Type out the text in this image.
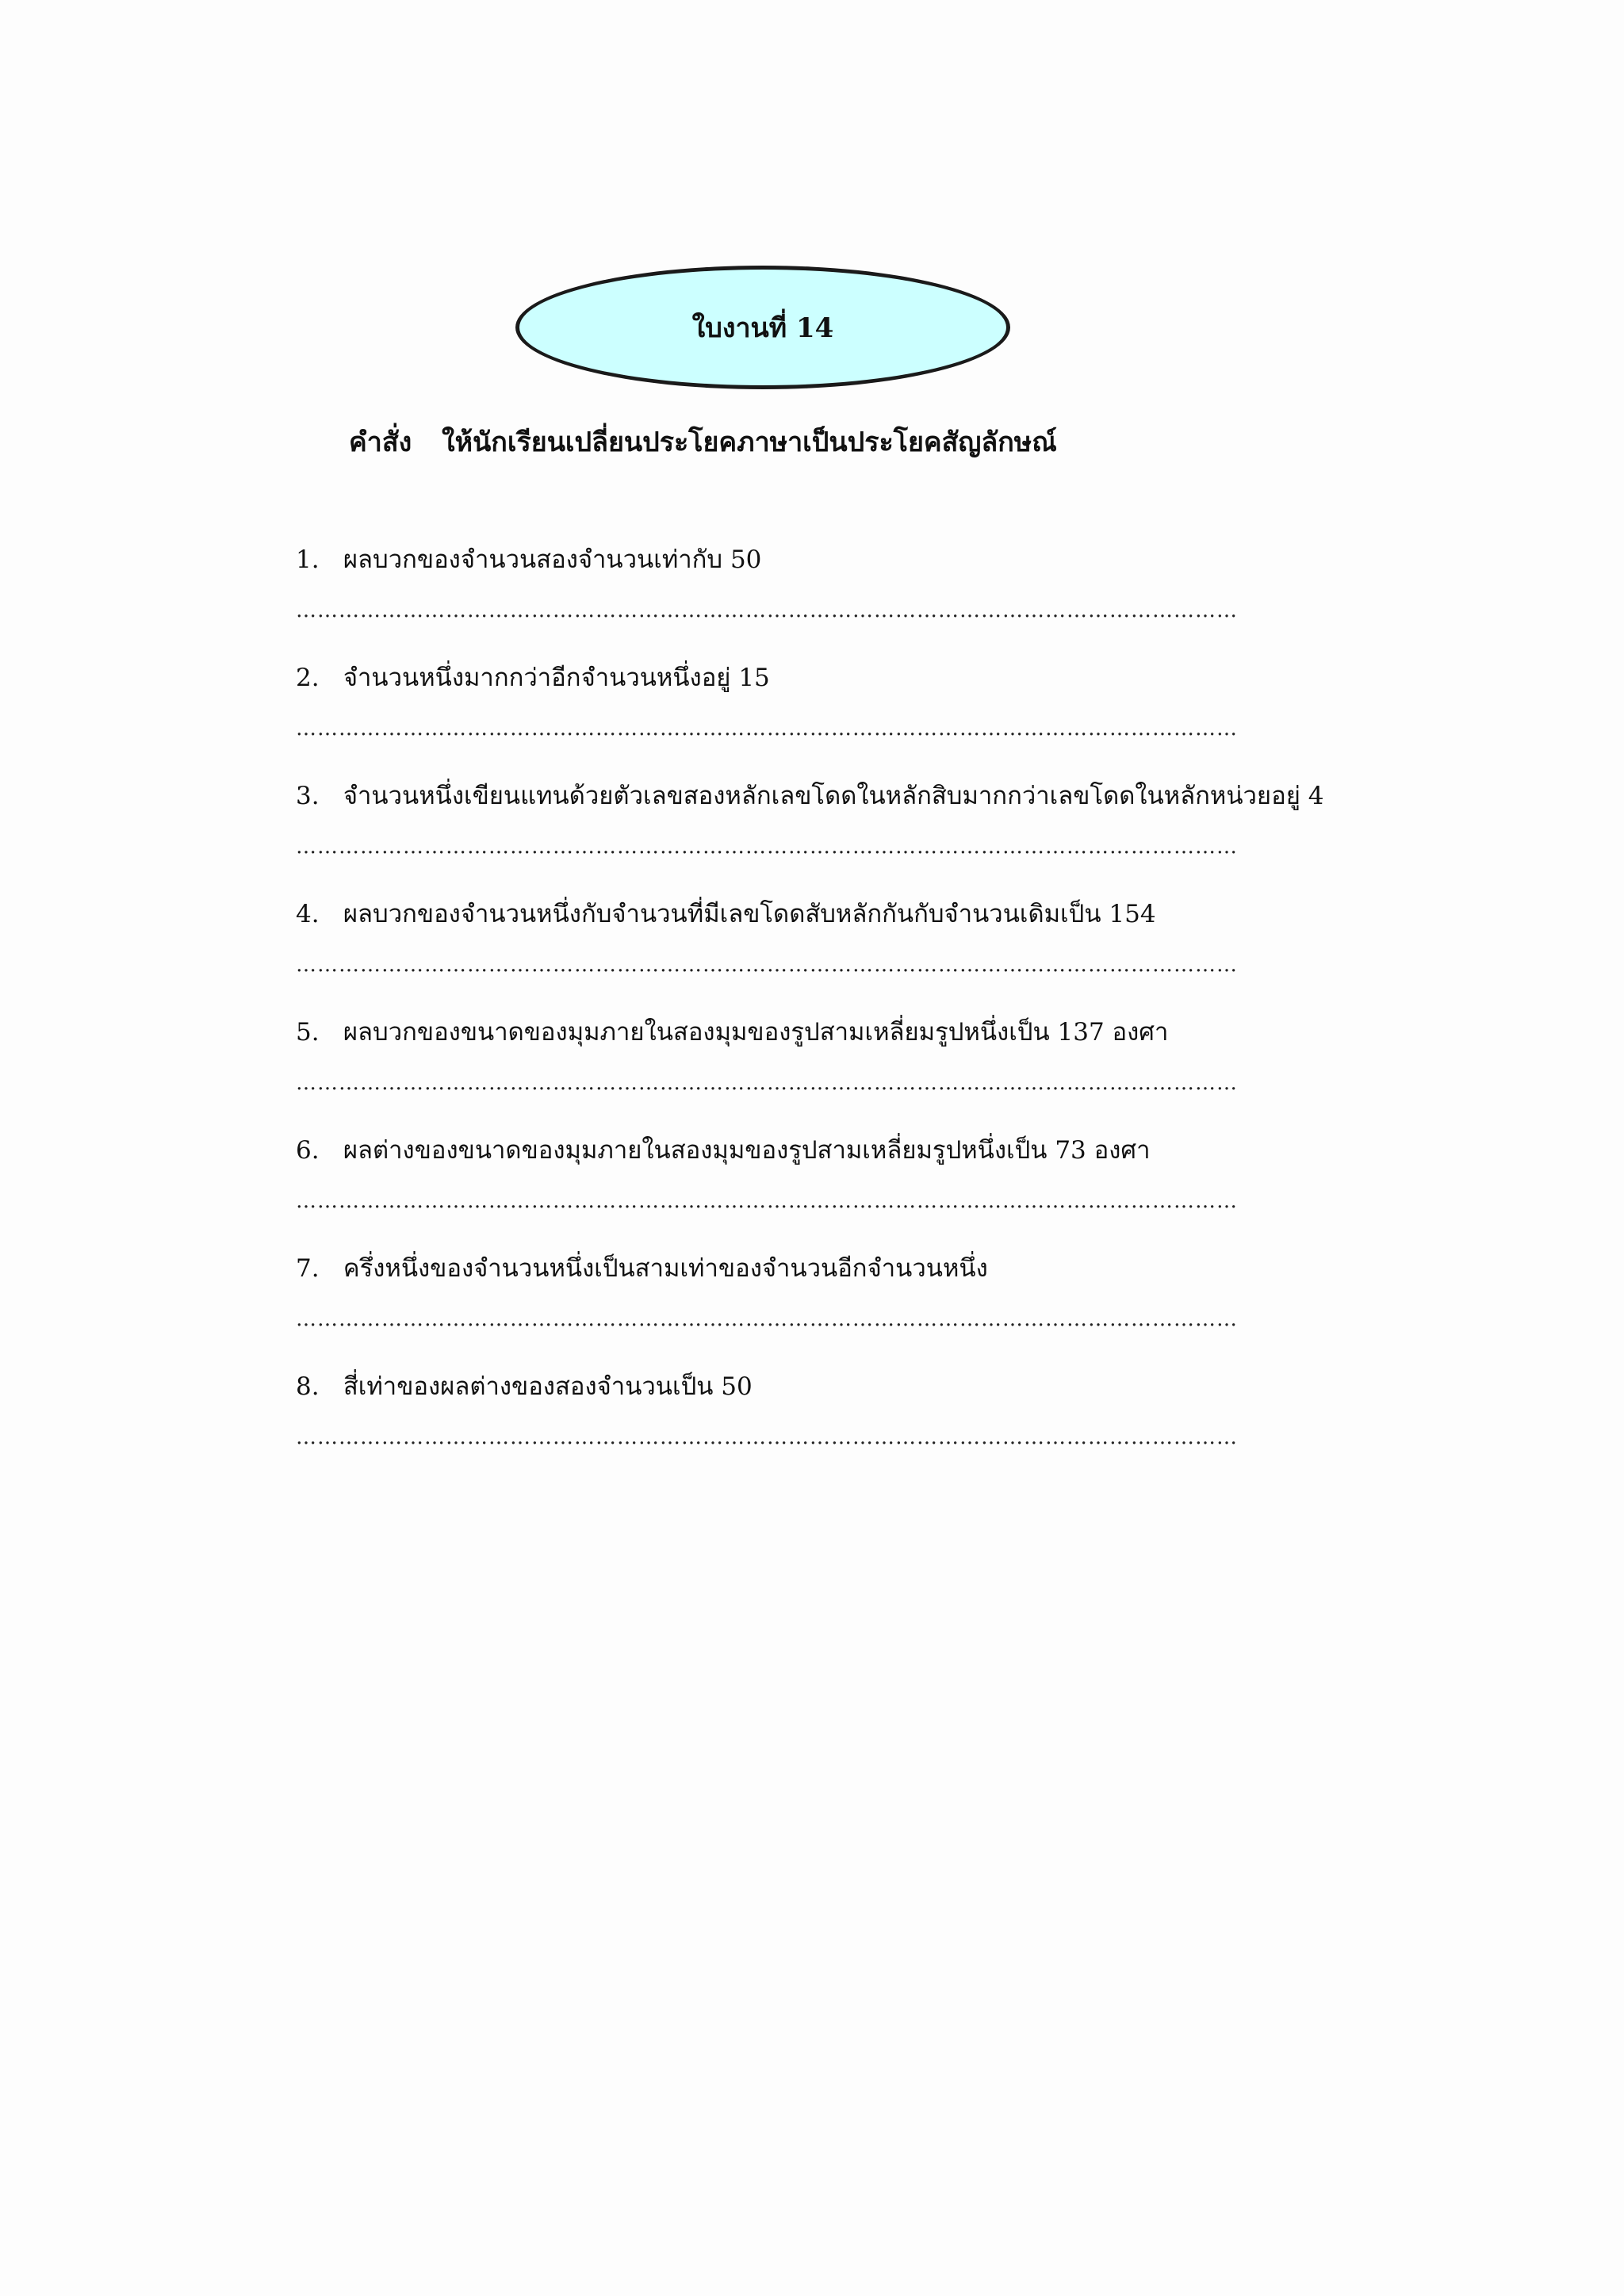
ใบงานที่ 14
คำสั่ง ให้นักเรียนเปลี่ยนประโยคภาษาเป็นประโยคสัญลักษณ์
1. ผลบวกของจำนวนสองจำนวนเท่ากับ 50
……………………………………………………………………………………………………………………
2. จำนวนหนึ่งมากกว่าอีกจำนวนหนึ่งอยู่ 15
……………………………………………………………………………………………………………………
3. จำนวนหนึ่งเขียนแทนด้วยตัวเลขสองหลักเลขโดดในหลักสิบมากกว่าเลขโดดในหลักหน่วยอยู่ 4
……………………………………………………………………………………………………………………
4. ผลบวกของจำนวนหนึ่งกับจำนวนที่มีเลขโดดสับหลักกันกับจำนวนเดิมเป็น 154
……………………………………………………………………………………………………………………
5. ผลบวกของขนาดของมุมภายในสองมุมของรูปสามเหลี่ยมรูปหนึ่งเป็น 137 องศา
……………………………………………………………………………………………………………………
6. ผลต่างของขนาดของมุมภายในสองมุมของรูปสามเหลี่ยมรูปหนึ่งเป็น 73 องศา
……………………………………………………………………………………………………………………
7. ครึ่งหนึ่งของจำนวนหนึ่งเป็นสามเท่าของจำนวนอีกจำนวนหนึ่ง
……………………………………………………………………………………………………………………
8. สี่เท่าของผลต่างของสองจำนวนเป็น 50
……………………………………………………………………………………………………………………
